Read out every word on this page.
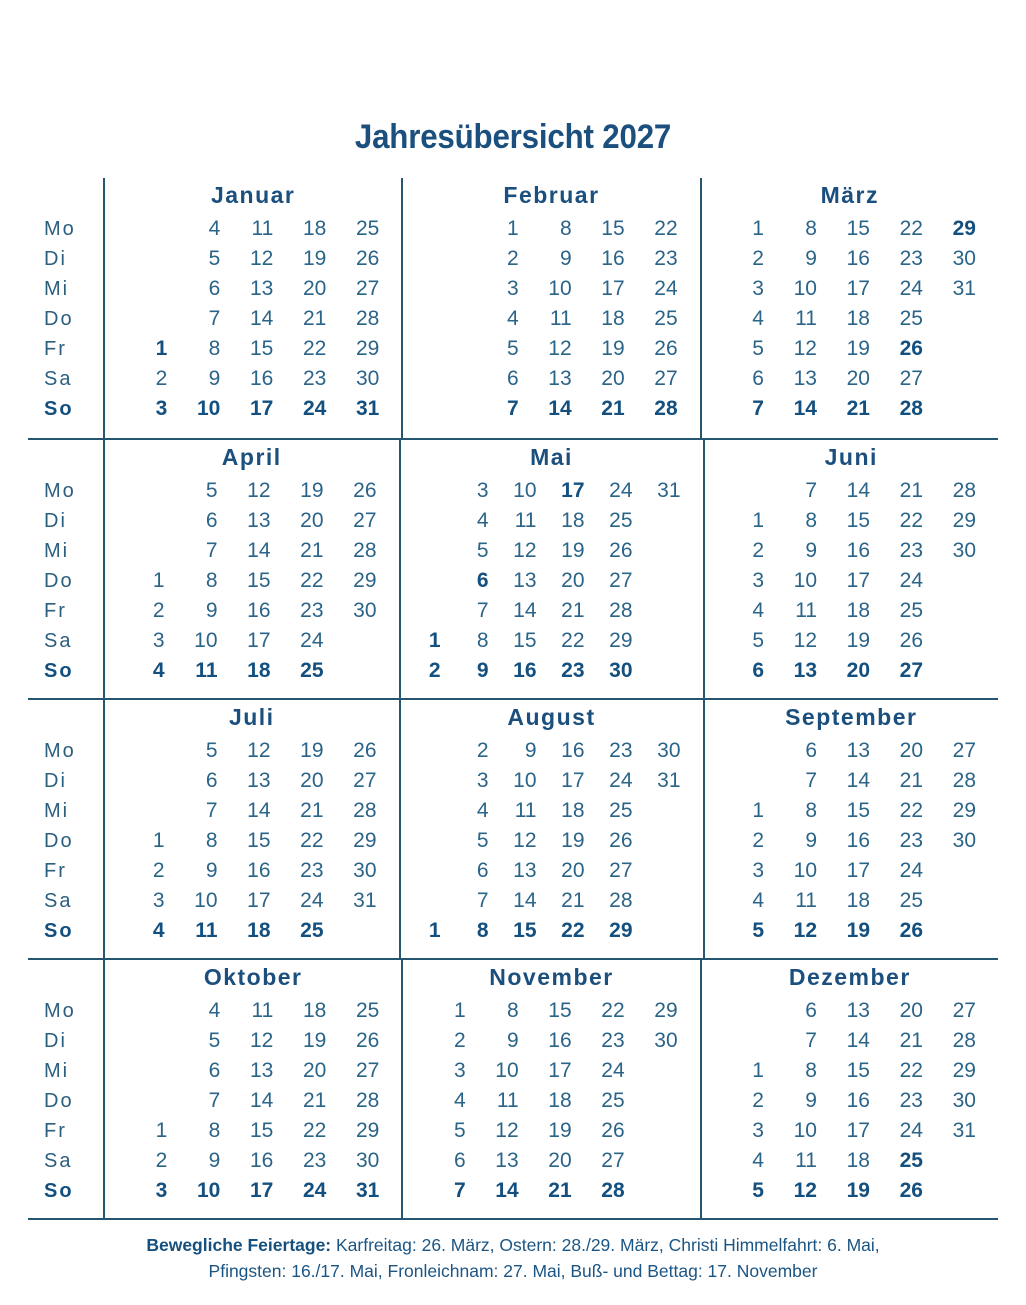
Jahresübersicht 2027
Mo
Di
Mi
Do
Fr
Sa
So
Januar
1
2
3
4
5
6
7
8
9
10
11
12
13
14
15
16
17
18
19
20
21
22
23
24
25
26
27
28
29
30
31
Februar
1
2
3
4
5
6
7
8
9
10
11
12
13
14
15
16
17
18
19
20
21
22
23
24
25
26
27
28
März
1
2
3
4
5
6
7
8
9
10
11
12
13
14
15
16
17
18
19
20
21
22
23
24
25
26
27
28
29
30
31
Mo
Di
Mi
Do
Fr
Sa
So
April
1
2
3
4
5
6
7
8
9
10
11
12
13
14
15
16
17
18
19
20
21
22
23
24
25
26
27
28
29
30
Mai
1
2
3
4
5
6
7
8
9
10
11
12
13
14
15
16
17
18
19
20
21
22
23
24
25
26
27
28
29
30
31
Juni
1
2
3
4
5
6
7
8
9
10
11
12
13
14
15
16
17
18
19
20
21
22
23
24
25
26
27
28
29
30
Mo
Di
Mi
Do
Fr
Sa
So
Juli
1
2
3
4
5
6
7
8
9
10
11
12
13
14
15
16
17
18
19
20
21
22
23
24
25
26
27
28
29
30
31
August
1
2
3
4
5
6
7
8
9
10
11
12
13
14
15
16
17
18
19
20
21
22
23
24
25
26
27
28
29
30
31
September
1
2
3
4
5
6
7
8
9
10
11
12
13
14
15
16
17
18
19
20
21
22
23
24
25
26
27
28
29
30
Mo
Di
Mi
Do
Fr
Sa
So
Oktober
1
2
3
4
5
6
7
8
9
10
11
12
13
14
15
16
17
18
19
20
21
22
23
24
25
26
27
28
29
30
31
November
1
2
3
4
5
6
7
8
9
10
11
12
13
14
15
16
17
18
19
20
21
22
23
24
25
26
27
28
29
30
Dezember
1
2
3
4
5
6
7
8
9
10
11
12
13
14
15
16
17
18
19
20
21
22
23
24
25
26
27
28
29
30
31
Bewegliche Feiertage: Karfreitag: 26. März, Ostern: 28./29. März, Christi Himmelfahrt: 6. Mai,
Pfingsten: 16./17. Mai, Fronleichnam: 27. Mai, Buß- und Bettag: 17. November
